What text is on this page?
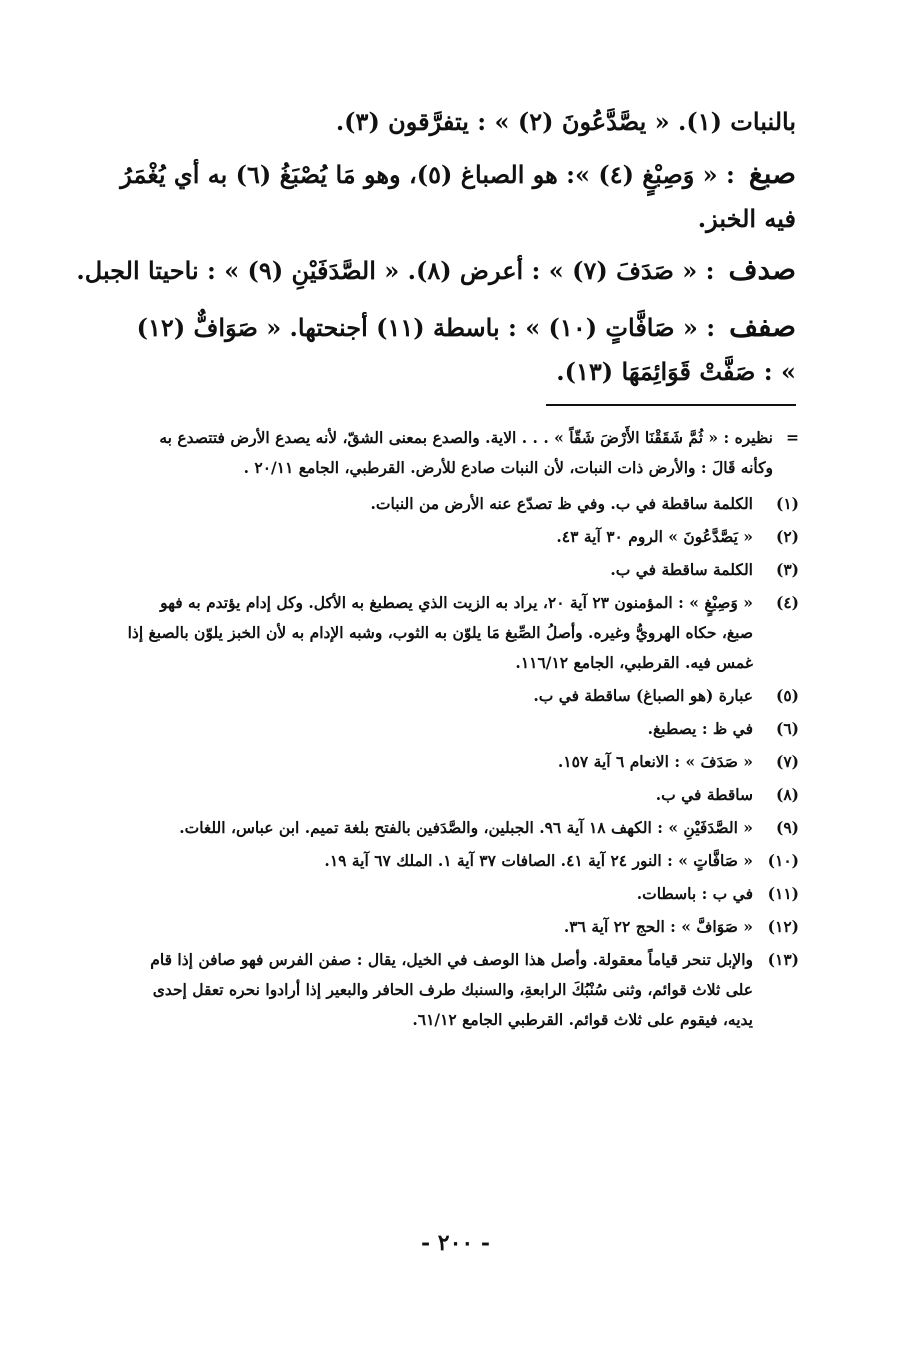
بالنبات (١). « يصَّدَّعُونَ (٢) » : يتفرَّقون (٣).

صبغ: « وَصِبْغٍ (٤) »: هو الصباغ (٥)، وهو مَا يُصْبَغُ (٦) به أي يُغْمَرُ فيه الخبز.

صدف: « صَدَفَ (٧) » : أعرض (٨). « الصَّدَفَيْنِ (٩) » : ناحيتا الجبل.

صفف: « صَافَّاتٍ (١٠) » : باسطة (١١) أجنحتها. « صَوَافٌّ (١٢) » : صَفَّتْ قَوَائِمَهَا (١٣).

=
نظيره : « ثُمَّ شَقَقْنَا الأَرْضَ شَقّاً » . . . الاية. والصدع بمعنى الشقّ، لأنه يصدع الأرض فتتصدع به وكأنه قَالَ : والأرض ذات النبات، لأن النبات صادع للأرض. القرطبي، الجامع ٢٠/١١ .

(١)
الكلمة ساقطة في ب. وفي ظ تصدّع عنه الأرض من النبات.
(٢)
« يَصَّدَّعُونَ » الروم ٣٠ آية ٤٣.
(٣)
الكلمة ساقطة في ب.
(٤)
« وَصِبْغٍ » : المؤمنون ٢٣ آية ٢٠، يراد به الزيت الذي يصطبغ به الأكل. وكل إدام يؤتدم به فهو صبغ، حكاه الهرويُّ وغيره. وأصلُ الصِّبغ مَا يلوّن به الثوب، وشبه الإدام به لأن الخبز يلوّن بالصبغ إذا غمس فيه. القرطبي، الجامع ١١٦/١٢.
(٥)
عبارة (هو الصباغ) ساقطة في ب.
(٦)
في ظ : يصطبغ.
(٧)
« صَدَفَ » : الانعام ٦ آية ١٥٧.
(٨)
ساقطة في ب.
(٩)
« الصَّدَفَيْنِ » : الكهف ١٨ آية ٩٦. الجبلين، والصَّدَفين بالفتح بلغة تميم. ابن عباس، اللغات.
(١٠)
« صَافَّاتٍ » : النور ٢٤ آية ٤١. الصافات ٣٧ آية ١. الملك ٦٧ آية ١٩.
(١١)
في ب : باسطات.
(١٢)
« صَوَافَّ » : الحج ٢٢ آية ٣٦.
(١٣)
والإبل تنحر قياماً معقولة. وأصل هذا الوصف في الخيل، يقال : صفن الفرس فهو صافن إذا قام على ثلاث قوائم، وثنى سُنْبُكَ الرابعةِ، والسنبك طرف الحافر والبعير إذا أرادوا نحره تعقل إحدى يديه، فيقوم على ثلاث قوائم. القرطبي الجامع ٦١/١٢.
- ٢٠٠ -
